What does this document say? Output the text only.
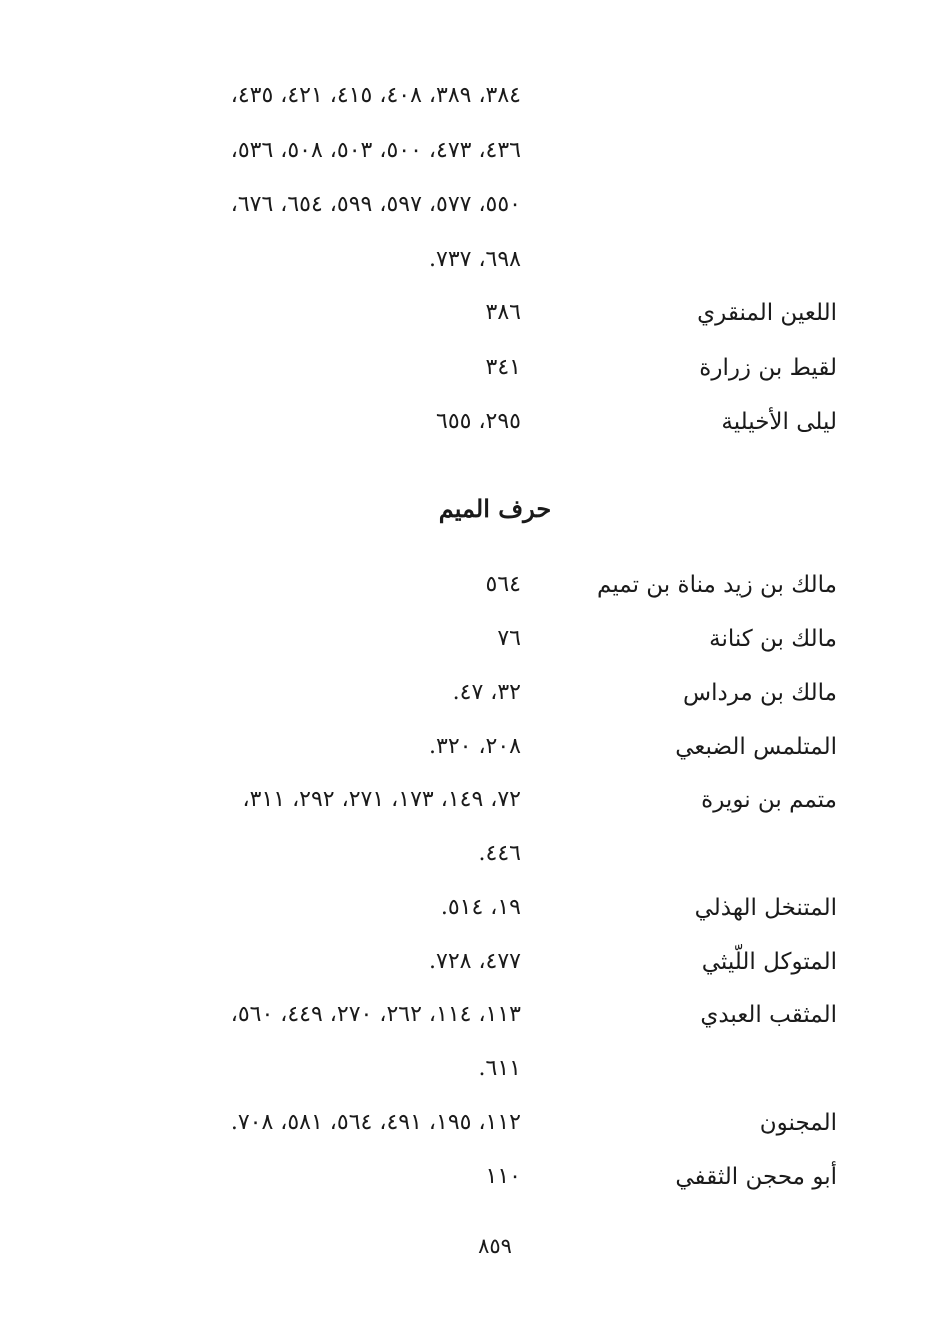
٣٨٤، ٣٨٩، ٤٠٨، ٤١٥، ٤٢١، ٤٣٥،
٤٣٦، ٤٧٣، ٥٠٠، ٥٠٣، ٥٠٨، ٥٣٦،
٥٥٠، ٥٧٧، ٥٩٧، ٥٩٩، ٦٥٤، ٦٧٦،
٦٩٨، ٧٣٧.
اللعين المنقري
٣٨٦
لقيط بن زرارة
٣٤١
ليلى الأخيلية
٢٩٥، ٦٥٥
حرف الميم
مالك بن زيد مناة بن تميم
٥٦٤
مالك بن كنانة
٧٦
مالك بن مرداس
٣٢، ٤٧.
المتلمس الضبعي
٢٠٨، ٣٢٠.
متمم بن نويرة
٧٢، ١٤٩، ١٧٣، ٢٧١، ٢٩٢، ٣١١،
٤٤٦.
المتنخل الهذلي
١٩، ٥١٤.
المتوكل اللّيثي
٤٧٧، ٧٢٨.
المثقب العبدي
١١٣، ١١٤، ٢٦٢، ٢٧٠، ٤٤٩، ٥٦٠،
٦١١.
المجنون
١١٢، ١٩٥، ٤٩١، ٥٦٤، ٥٨١، ٧٠٨.
أبو محجن الثقفي
١١٠
٨٥٩
